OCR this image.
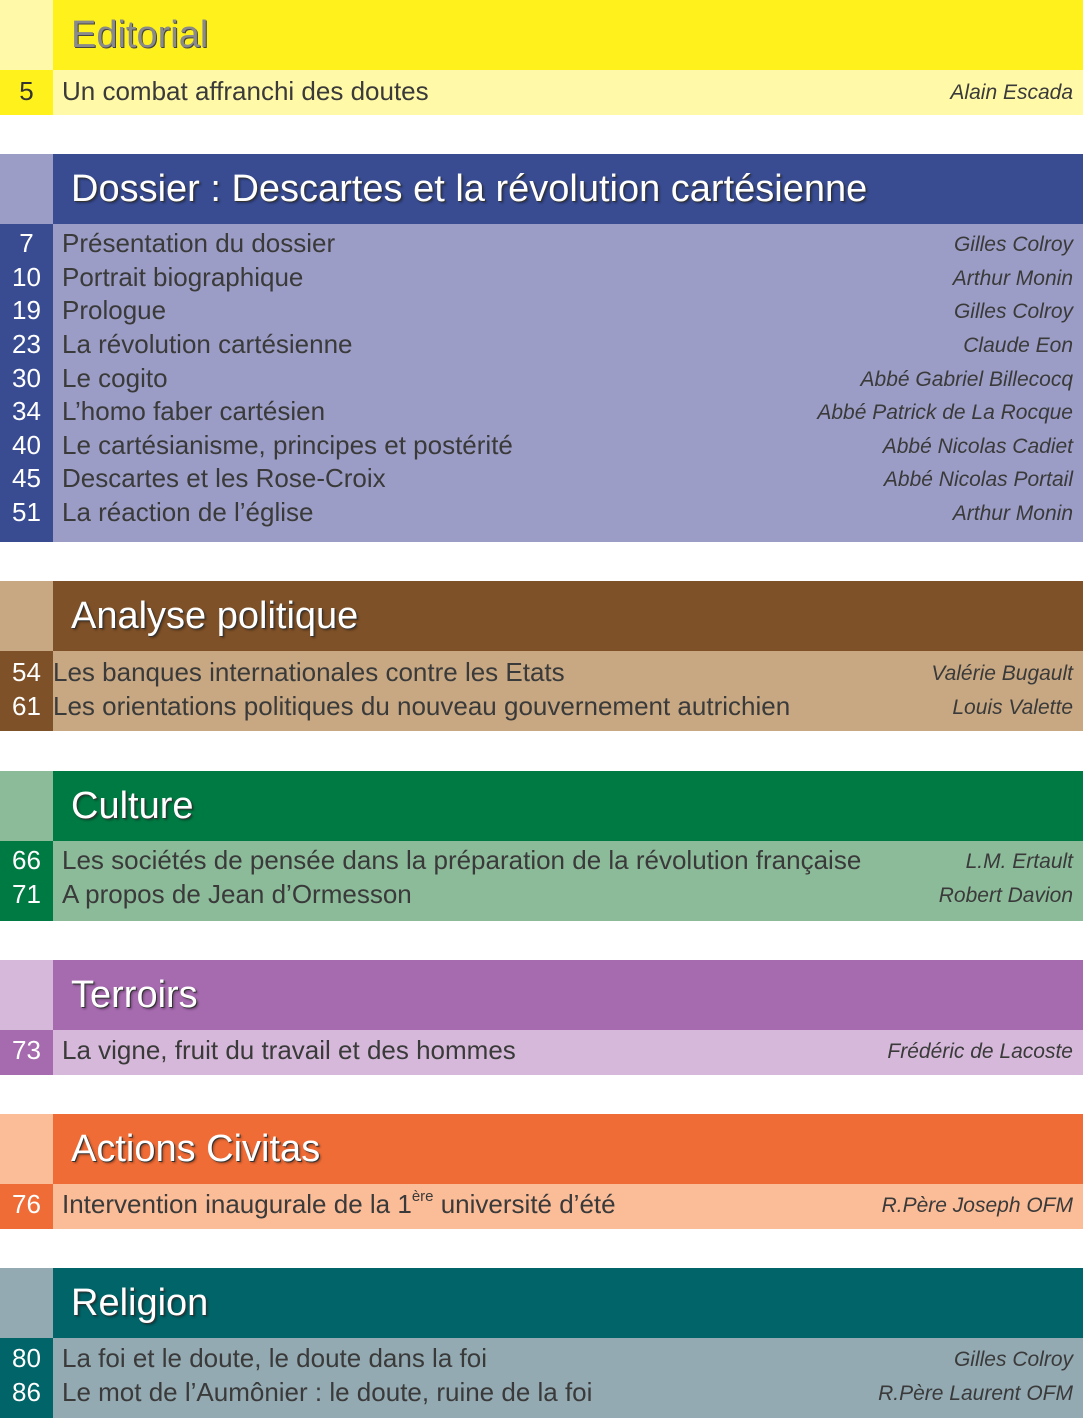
Editorial
5	Un combat affranchi des doutes	Alain Escada
Dossier : Descartes et la révolution cartésienne
7	Présentation du dossier	Gilles Colroy
10 Portrait biographique	Arthur Monin
19 Prologue	Gilles Colroy
23 La révolution cartésienne	Claude Eon
30 Le cogito	Abbé Gabriel Billecocq
34 L’homo faber cartésien	Abbé Patrick de La Rocque
40 Le cartésianisme, principes et postérité	Abbé Nicolas Cadiet
45 Descartes et les Rose-Croix	Abbé Nicolas Portail
51 La réaction de l’église	Arthur Monin
Analyse politique
54 Les banques internationales contre les Etats	Valérie Bugault
61 Les orientations politiques du nouveau gouvernement autrichien	Louis Valette
Culture
66 Les sociétés de pensée dans la préparation de la révolution française	L.M. Ertault
71 A propos de Jean d’Ormesson	Robert Davion
Terroirs
73 La vigne, fruit du travail et des hommes	Frédéric de Lacoste
Actions Civitas
76 Intervention inaugurale de la 1ère université d’été	R.Père Joseph OFM
Religion
80 La foi et le doute, le doute dans la foi	Gilles Colroy
86 Le mot de l’Aumônier : le doute, ruine de la foi	R.Père Laurent OFM
